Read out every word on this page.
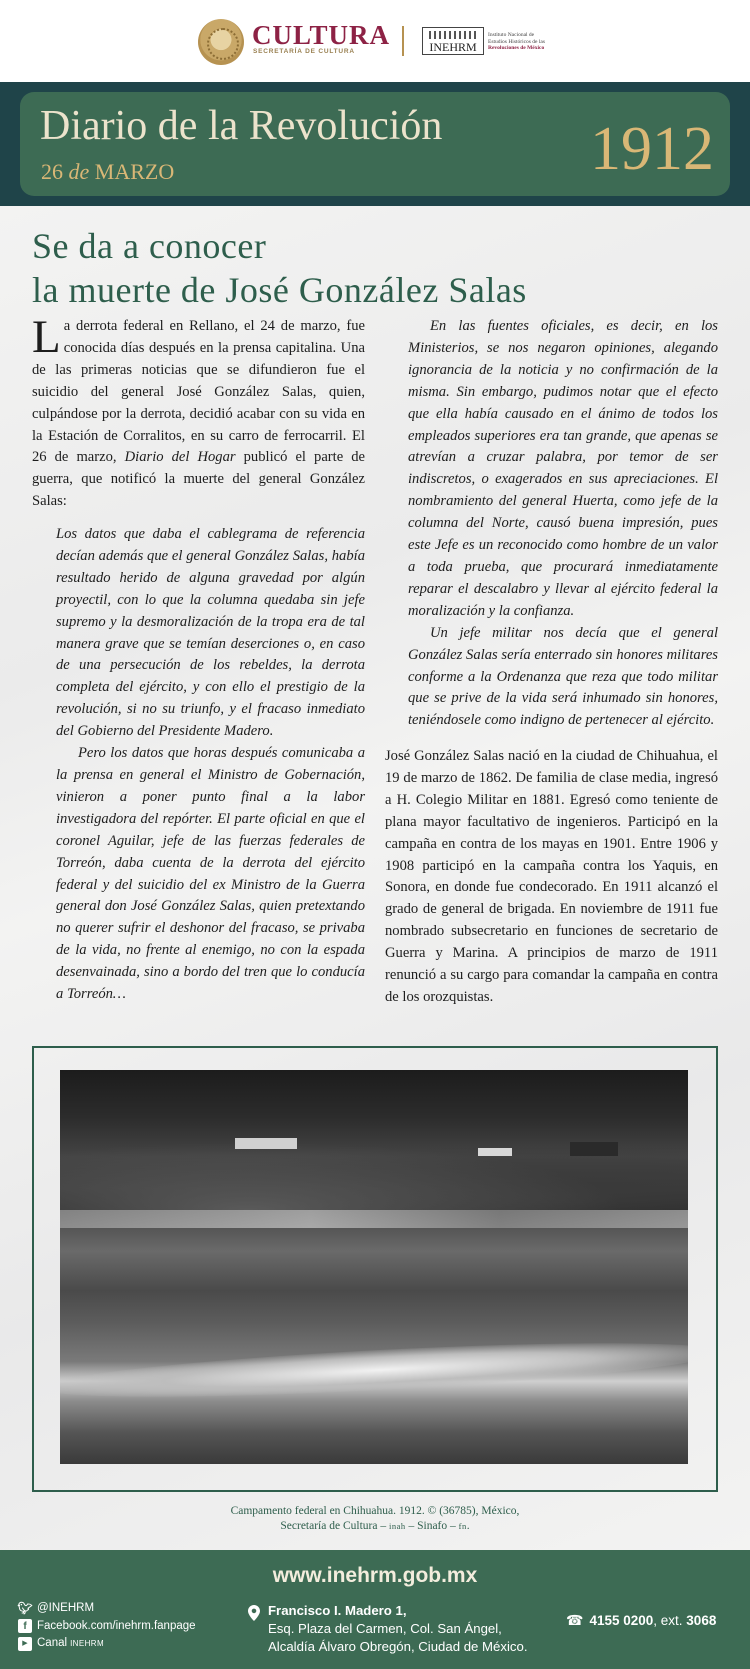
CULTURA
SECRETARÍA DE CULTURA	INEHRM
Instituto Nacional de
Estudios Históricos de las
Revoluciones de México
Diario de la Revolución
26 de MARZO	1912
Se da a conocer
la muerte de José González Salas

La derrota federal en Rellano, el 24 de marzo, fue conocida días después en la prensa capitalina. Una de las primeras noticias que se difundieron fue el suicidio del general José González Salas, quien, culpándose por la derrota, decidió acabar con su vida en la Estación de Corralitos, en su carro de ferrocarril. El 26 de marzo, Diario del Hogar publicó el parte de guerra, que notificó la muerte del general González Salas:

Los datos que daba el cablegrama de referencia decían además que el general González Salas, había resultado herido de alguna gravedad por algún proyectil, con lo que la columna quedaba sin jefe supremo y la desmoralización de la tropa era de tal manera grave que se temían deserciones o, en caso de una persecución de los rebeldes, la derrota completa del ejército, y con ello el prestigio de la revolución, si no su triunfo, y el fracaso inmediato del Gobierno del Presidente Madero.

Pero los datos que horas después comunicaba a la prensa en general el Ministro de Gobernación, vinieron a poner punto final a la labor investigadora del repórter. El parte oficial en que el coronel Aguilar, jefe de las fuerzas federales de Torreón, daba cuenta de la derrota del ejército federal y del suicidio del ex Ministro de la Guerra general don José González Salas, quien pretextando no querer sufrir el deshonor del fracaso, se privaba de la vida, no frente al enemigo, no con la espada desenvainada, sino a bordo del tren que lo conducía a Torreón…

En las fuentes oficiales, es decir, en los Ministerios, se nos negaron opiniones, alegando ignorancia de la noticia y no confirmación de la misma. Sin embargo, pudimos notar que el efecto que ella había causado en el ánimo de todos los empleados superiores era tan grande, que apenas se atrevían a cruzar palabra, por temor de ser indiscretos, o exagerados en sus apreciaciones. El nombramiento del general Huerta, como jefe de la columna del Norte, causó buena impresión, pues este Jefe es un reconocido como hombre de un valor a toda prueba, que procurará inmediatamente reparar el descalabro y llevar al ejército federal la moralización y la confianza.

Un jefe militar nos decía que el general González Salas sería enterrado sin honores militares conforme a la Ordenanza que reza que todo militar que se prive de la vida será inhumado sin honores, teniéndosele como indigno de pertenecer al ejército.

José González Salas nació en la ciudad de Chihuahua, el 19 de marzo de 1862. De familia de clase media, ingresó a H. Colegio Militar en 1881. Egresó como teniente de plana mayor facultativo de ingenieros. Participó en la campaña en contra de los mayas en 1901. Entre 1906 y 1908 participó en la campaña contra los Yaquis, en Sonora, en donde fue condecorado. En 1911 alcanzó el grado de general de brigada. En noviembre de 1911 fue nombrado subsecretario en funciones de secretario de Guerra y Marina. A principios de marzo de 1911 renunció a su cargo para comandar la campaña en contra de los orozquistas.

Campamento federal en Chihuahua. 1912. © (36785), México,
Secretaría de Cultura – inah – Sinafo – fn.
www.inehrm.gob.mx
🐦︎ @INEHRM
f Facebook.com/inehrm.fanpage
▶ Canal INEHRM
Francisco I. Madero 1,
Esq. Plaza del Carmen, Col. San Ángel,
Alcaldía Álvaro Obregón, Ciudad de México.
☎︎ 4155 0200, ext. 3068
